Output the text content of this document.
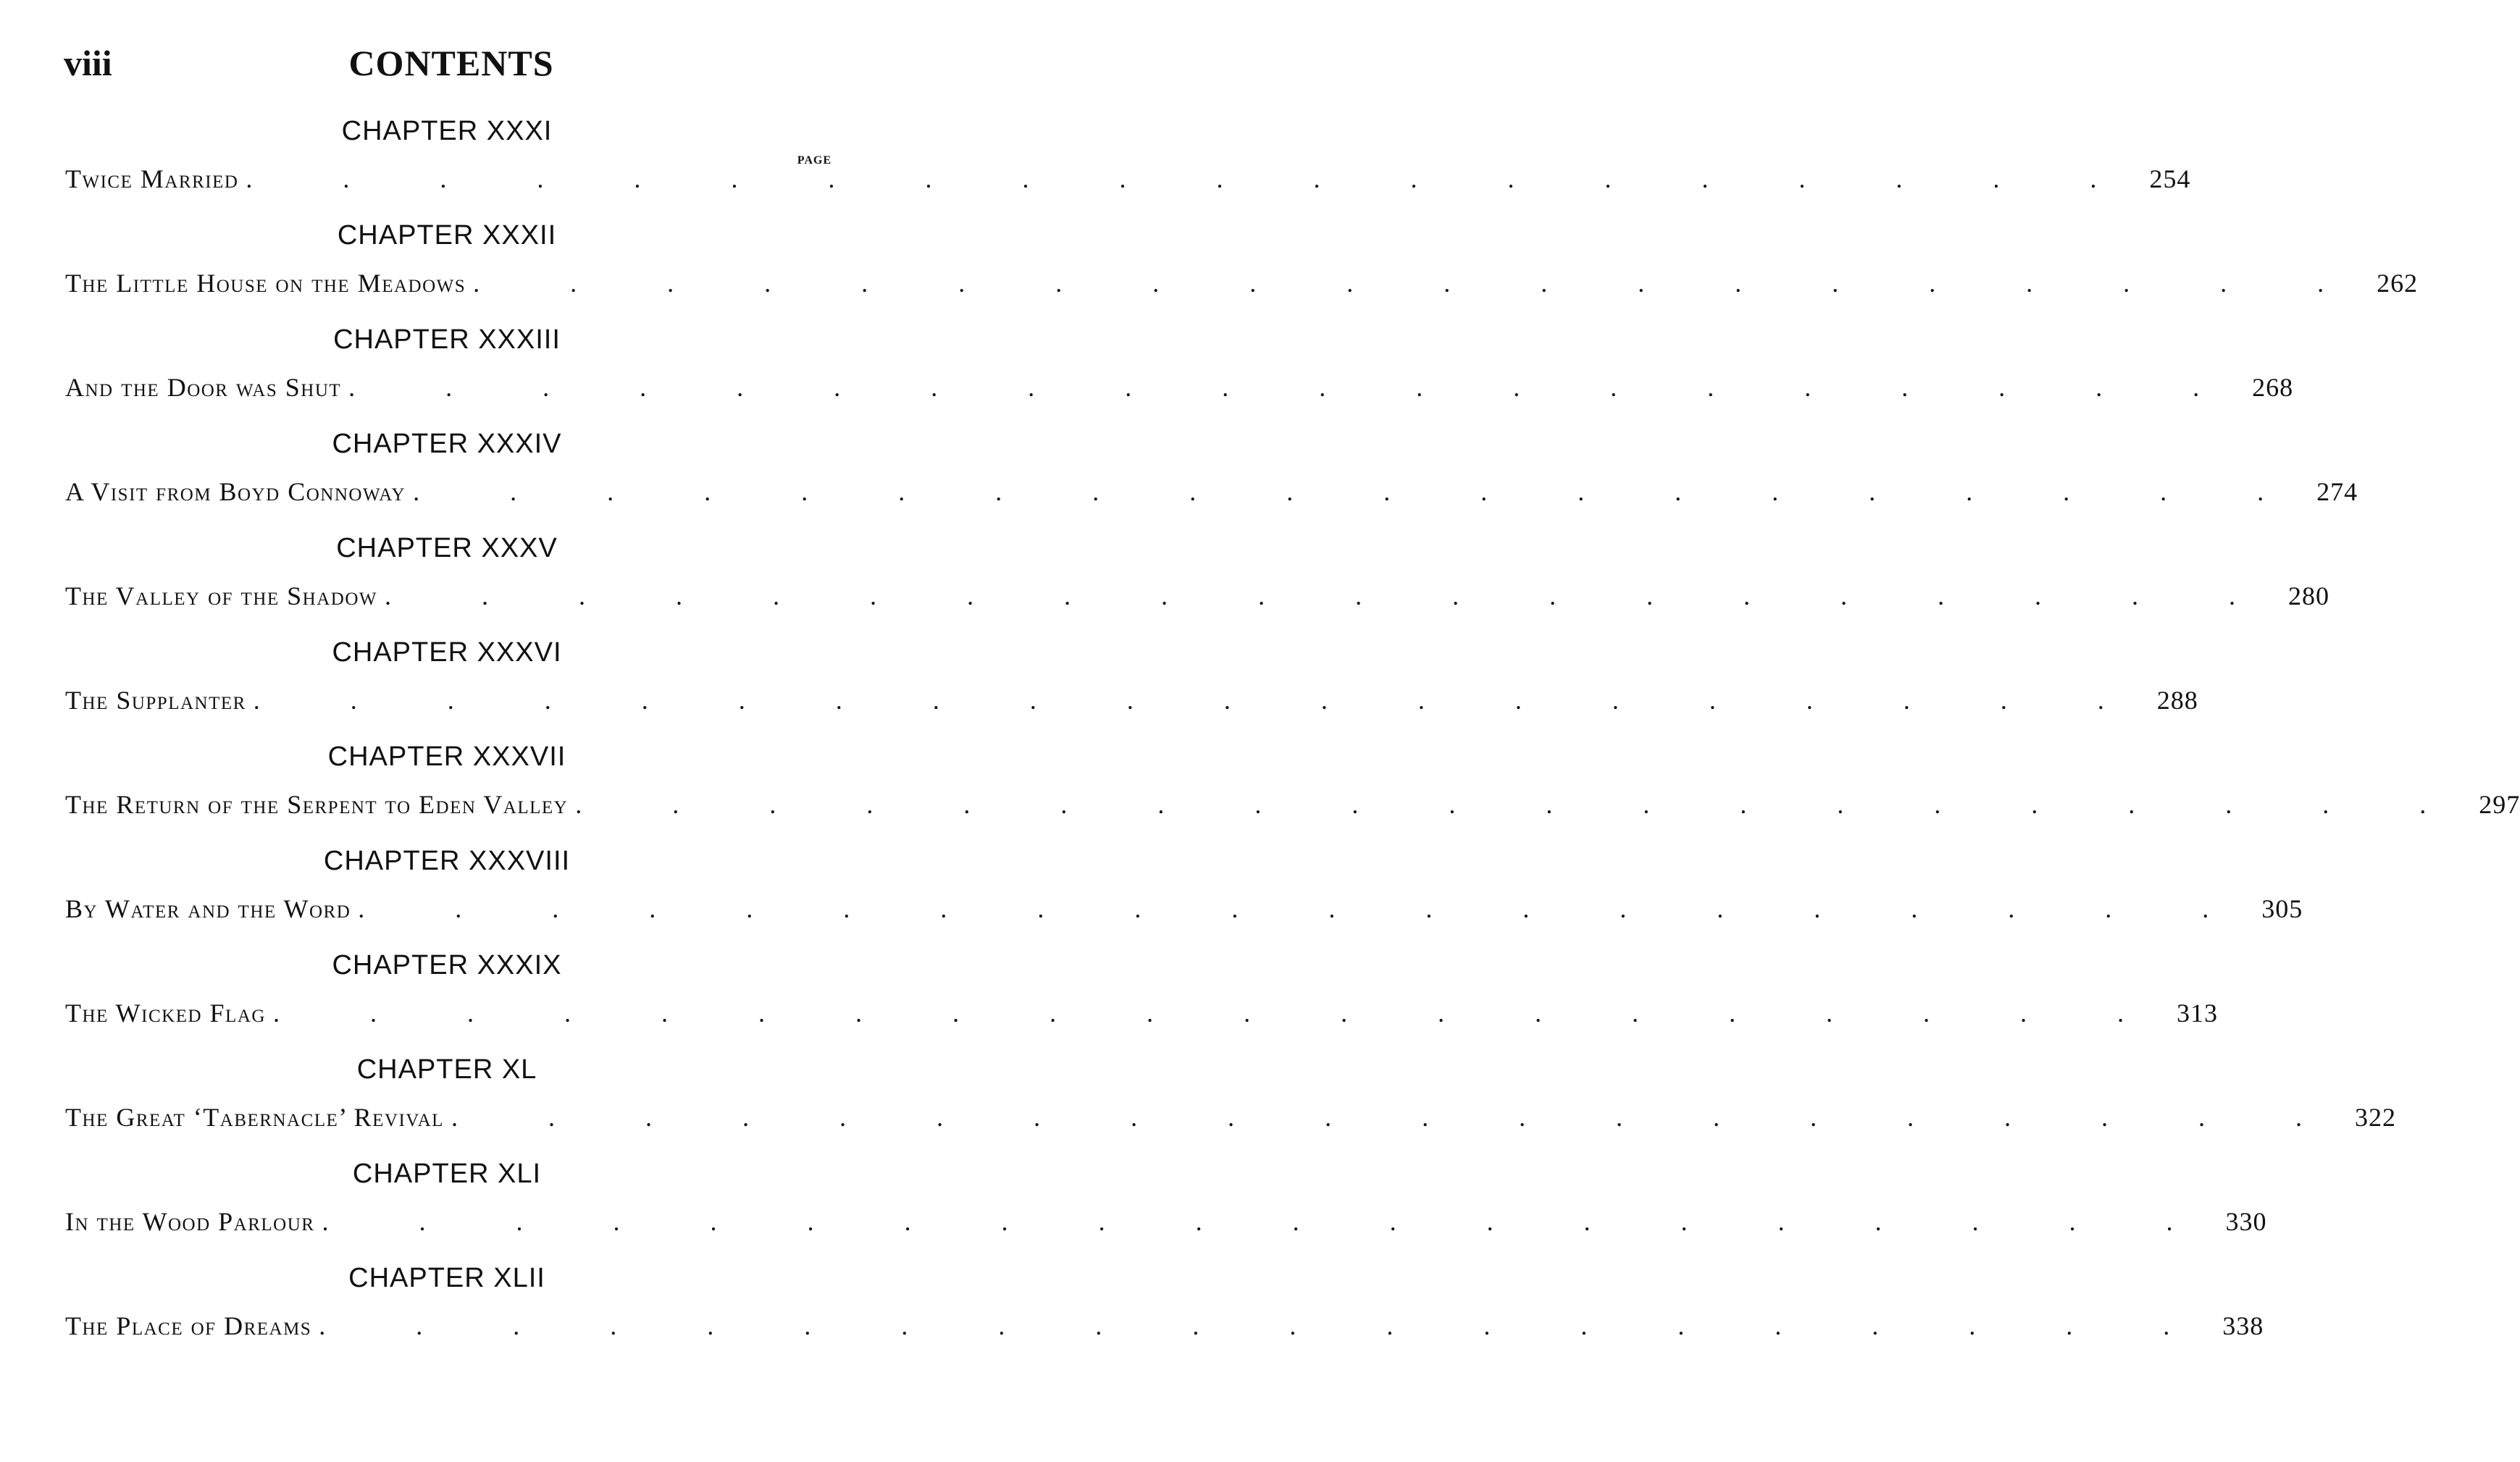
viii	CONTENTS
PAGE
CHAPTER XXXI
Twice Married . . . . . . . . . . . . . . . . . . . . 254
CHAPTER XXXII
The Little House on the Meadows . . . . . . . . . . . . . . . . . . . . 262
CHAPTER XXXIII
And the Door was Shut . . . . . . . . . . . . . . . . . . . . 268
CHAPTER XXXIV
A Visit from Boyd Connoway . . . . . . . . . . . . . . . . . . . . 274
CHAPTER XXXV
The Valley of the Shadow . . . . . . . . . . . . . . . . . . . . 280
CHAPTER XXXVI
The Supplanter . . . . . . . . . . . . . . . . . . . . 288
CHAPTER XXXVII
The Return of the Serpent to Eden Valley . . . . . . . . . . . . . . . . . . . . 297
CHAPTER XXXVIII
By Water and the Word . . . . . . . . . . . . . . . . . . . . 305
CHAPTER XXXIX
The Wicked Flag . . . . . . . . . . . . . . . . . . . . 313
CHAPTER XL
The Great ‘Tabernacle’ Revival . . . . . . . . . . . . . . . . . . . . 322
CHAPTER XLI
In the Wood Parlour . . . . . . . . . . . . . . . . . . . . 330
CHAPTER XLII
The Place of Dreams . . . . . . . . . . . . . . . . . . . . 338
